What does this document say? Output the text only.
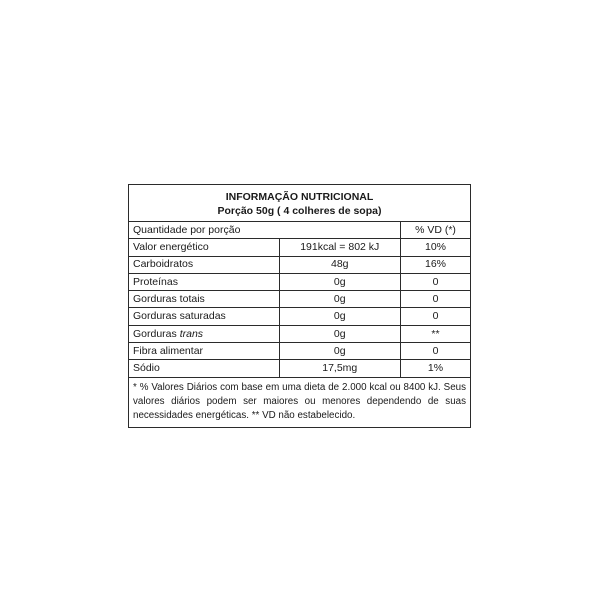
INFORMAÇÃO NUTRICIONAL
Porção 50g ( 4 colheres de sopa)
Quantidade por porção		% VD (*)
Valor energético	191kcal = 802 kJ	10%
Carboidratos	48g	16%
Proteínas	0g	0
Gorduras totais	0g	0
Gorduras saturadas	0g	0
Gorduras trans	0g	**
Fibra alimentar	0g	0
Sódio	17,5mg	1%
* % Valores Diários com base em uma dieta de 2.000 kcal ou 8400 kJ. Seus valores diários podem ser maiores ou menores dependendo de suas necessidades energéticas. ** VD não estabelecido.
